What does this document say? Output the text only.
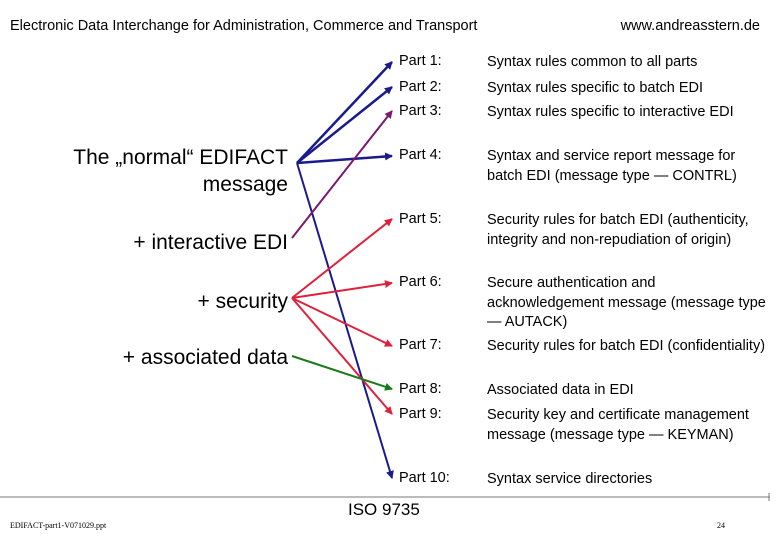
Electronic Data Interchange for Administration, Commerce and Transport	www.andreasstern.de
The „normal“ EDIFACT
message
+ interactive EDI
+ security
+ associated data
Part 1:	Syntax rules common to all parts
Part 2:	Syntax rules specific to batch EDI
Part 3:	Syntax rules specific to interactive EDI
Part 4:	Syntax and service report message for batch EDI (message type — CONTRL)
Part 5:	Security rules for batch EDI (authenticity, integrity and non-repudiation of origin)
Part 6:	Secure authentication and acknowledgement message (message type — AUTACK)
Part 7:	Security rules for batch EDI (confidentiality)
Part 8:	Associated data in EDI
Part 9:	Security key and certificate management message (message type — KEYMAN)
Part 10:	Syntax service directories
ISO 9735
EDIFACT-part1-V071029.ppt	24
